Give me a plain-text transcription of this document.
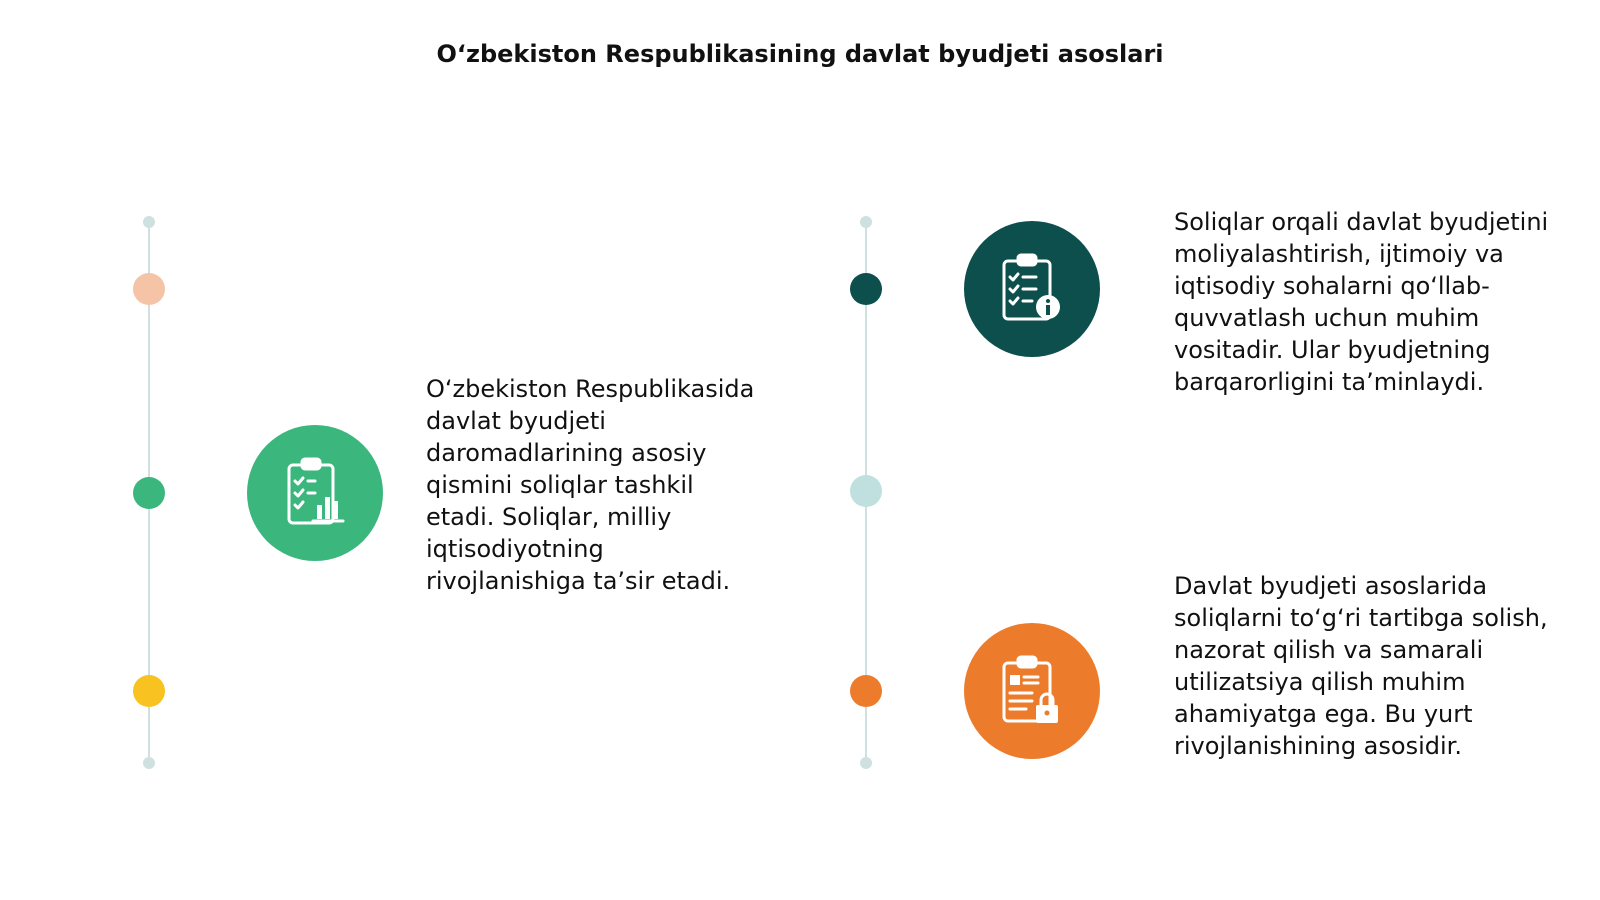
O‘zbekiston Respublikasining davlat byudjeti asoslari

O‘zbekiston Respublikasida davlat byudjeti daromadlarining asosiy qismini soliqlar tashkil etadi. Soliqlar, milliy iqtisodiyotning rivojlanishiga ta’sir etadi.

Soliqlar orqali davlat byudjetini moliyalashtirish, ijtimoiy va iqtisodiy sohalarni qo‘llab-quvvatlash uchun muhim vositadir. Ular byudjetning barqarorligini ta’minlaydi.

Davlat byudjeti asoslarida soliqlarni to‘g‘ri tartibga solish, nazorat qilish va samarali utilizatsiya qilish muhim ahamiyatga ega. Bu yurt rivojlanishining asosidir.
